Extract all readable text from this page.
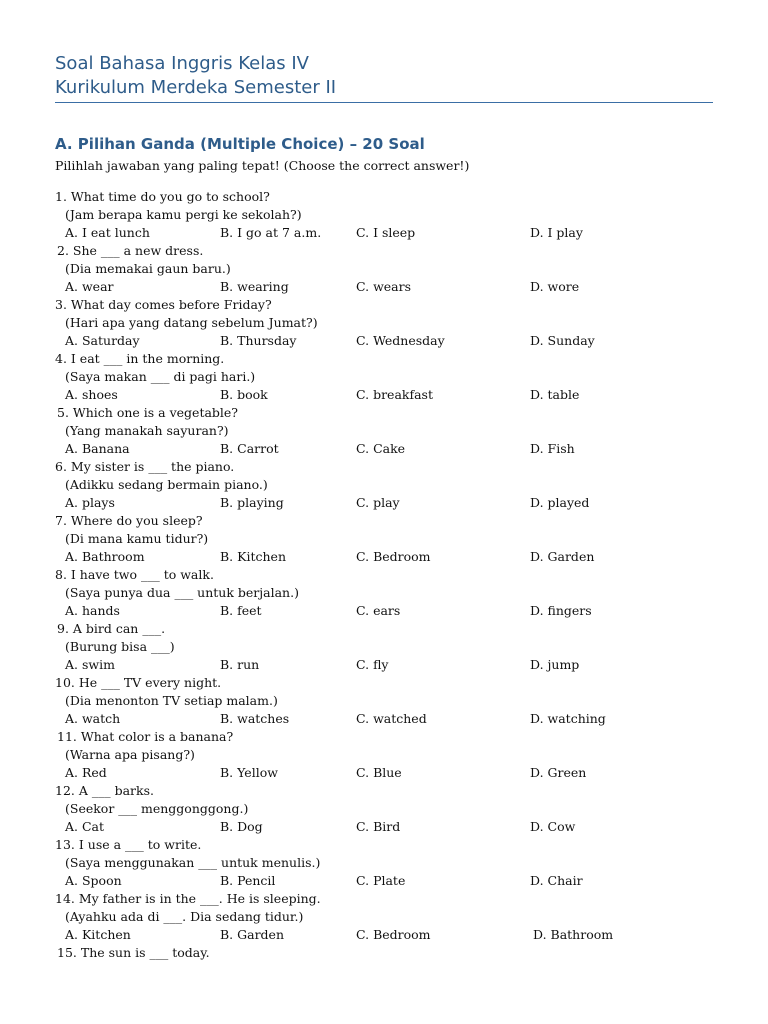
Soal Bahasa Inggris Kelas IV
Kurikulum Merdeka Semester II
A. Pilihan Ganda (Multiple Choice) – 20 Soal
Pilihlah jawaban yang paling tepat! (Choose the correct answer!)
1. What time do you go to school?
(Jam berapa kamu pergi ke sekolah?)
A. I eat lunch	B. I go at 7 a.m.	C. I sleep	D. I play
2. She ___ a new dress.
(Dia memakai gaun baru.)
A. wear	B. wearing	C. wears	D. wore
3. What day comes before Friday?
(Hari apa yang datang sebelum Jumat?)
A. Saturday	B. Thursday	C. Wednesday	D. Sunday
4. I eat ___ in the morning.
(Saya makan ___ di pagi hari.)
A. shoes	B. book	C. breakfast	D. table
5. Which one is a vegetable?
(Yang manakah sayuran?)
A. Banana	B. Carrot	C. Cake	D. Fish
6. My sister is ___ the piano.
(Adikku sedang bermain piano.)
A. plays	B. playing	C. play	D. played
7. Where do you sleep?
(Di mana kamu tidur?)
A. Bathroom	B. Kitchen	C. Bedroom	D. Garden
8. I have two ___ to walk.
(Saya punya dua ___ untuk berjalan.)
A. hands	B. feet	C. ears	D. fingers
9. A bird can ___.
(Burung bisa ___)
A. swim	B. run	C. fly	D. jump
10. He ___ TV every night.
(Dia menonton TV setiap malam.)
A. watch	B. watches	C. watched	D. watching
11. What color is a banana?
(Warna apa pisang?)
A. Red	B. Yellow	C. Blue	D. Green
12. A ___ barks.
(Seekor ___ menggonggong.)
A. Cat	B. Dog	C. Bird	D. Cow
13. I use a ___ to write.
(Saya menggunakan ___ untuk menulis.)
A. Spoon	B. Pencil	C. Plate	D. Chair
14. My father is in the ___. He is sleeping.
(Ayahku ada di ___. Dia sedang tidur.)
A. Kitchen	B. Garden	C. Bedroom	D. Bathroom
15. The sun is ___ today.
